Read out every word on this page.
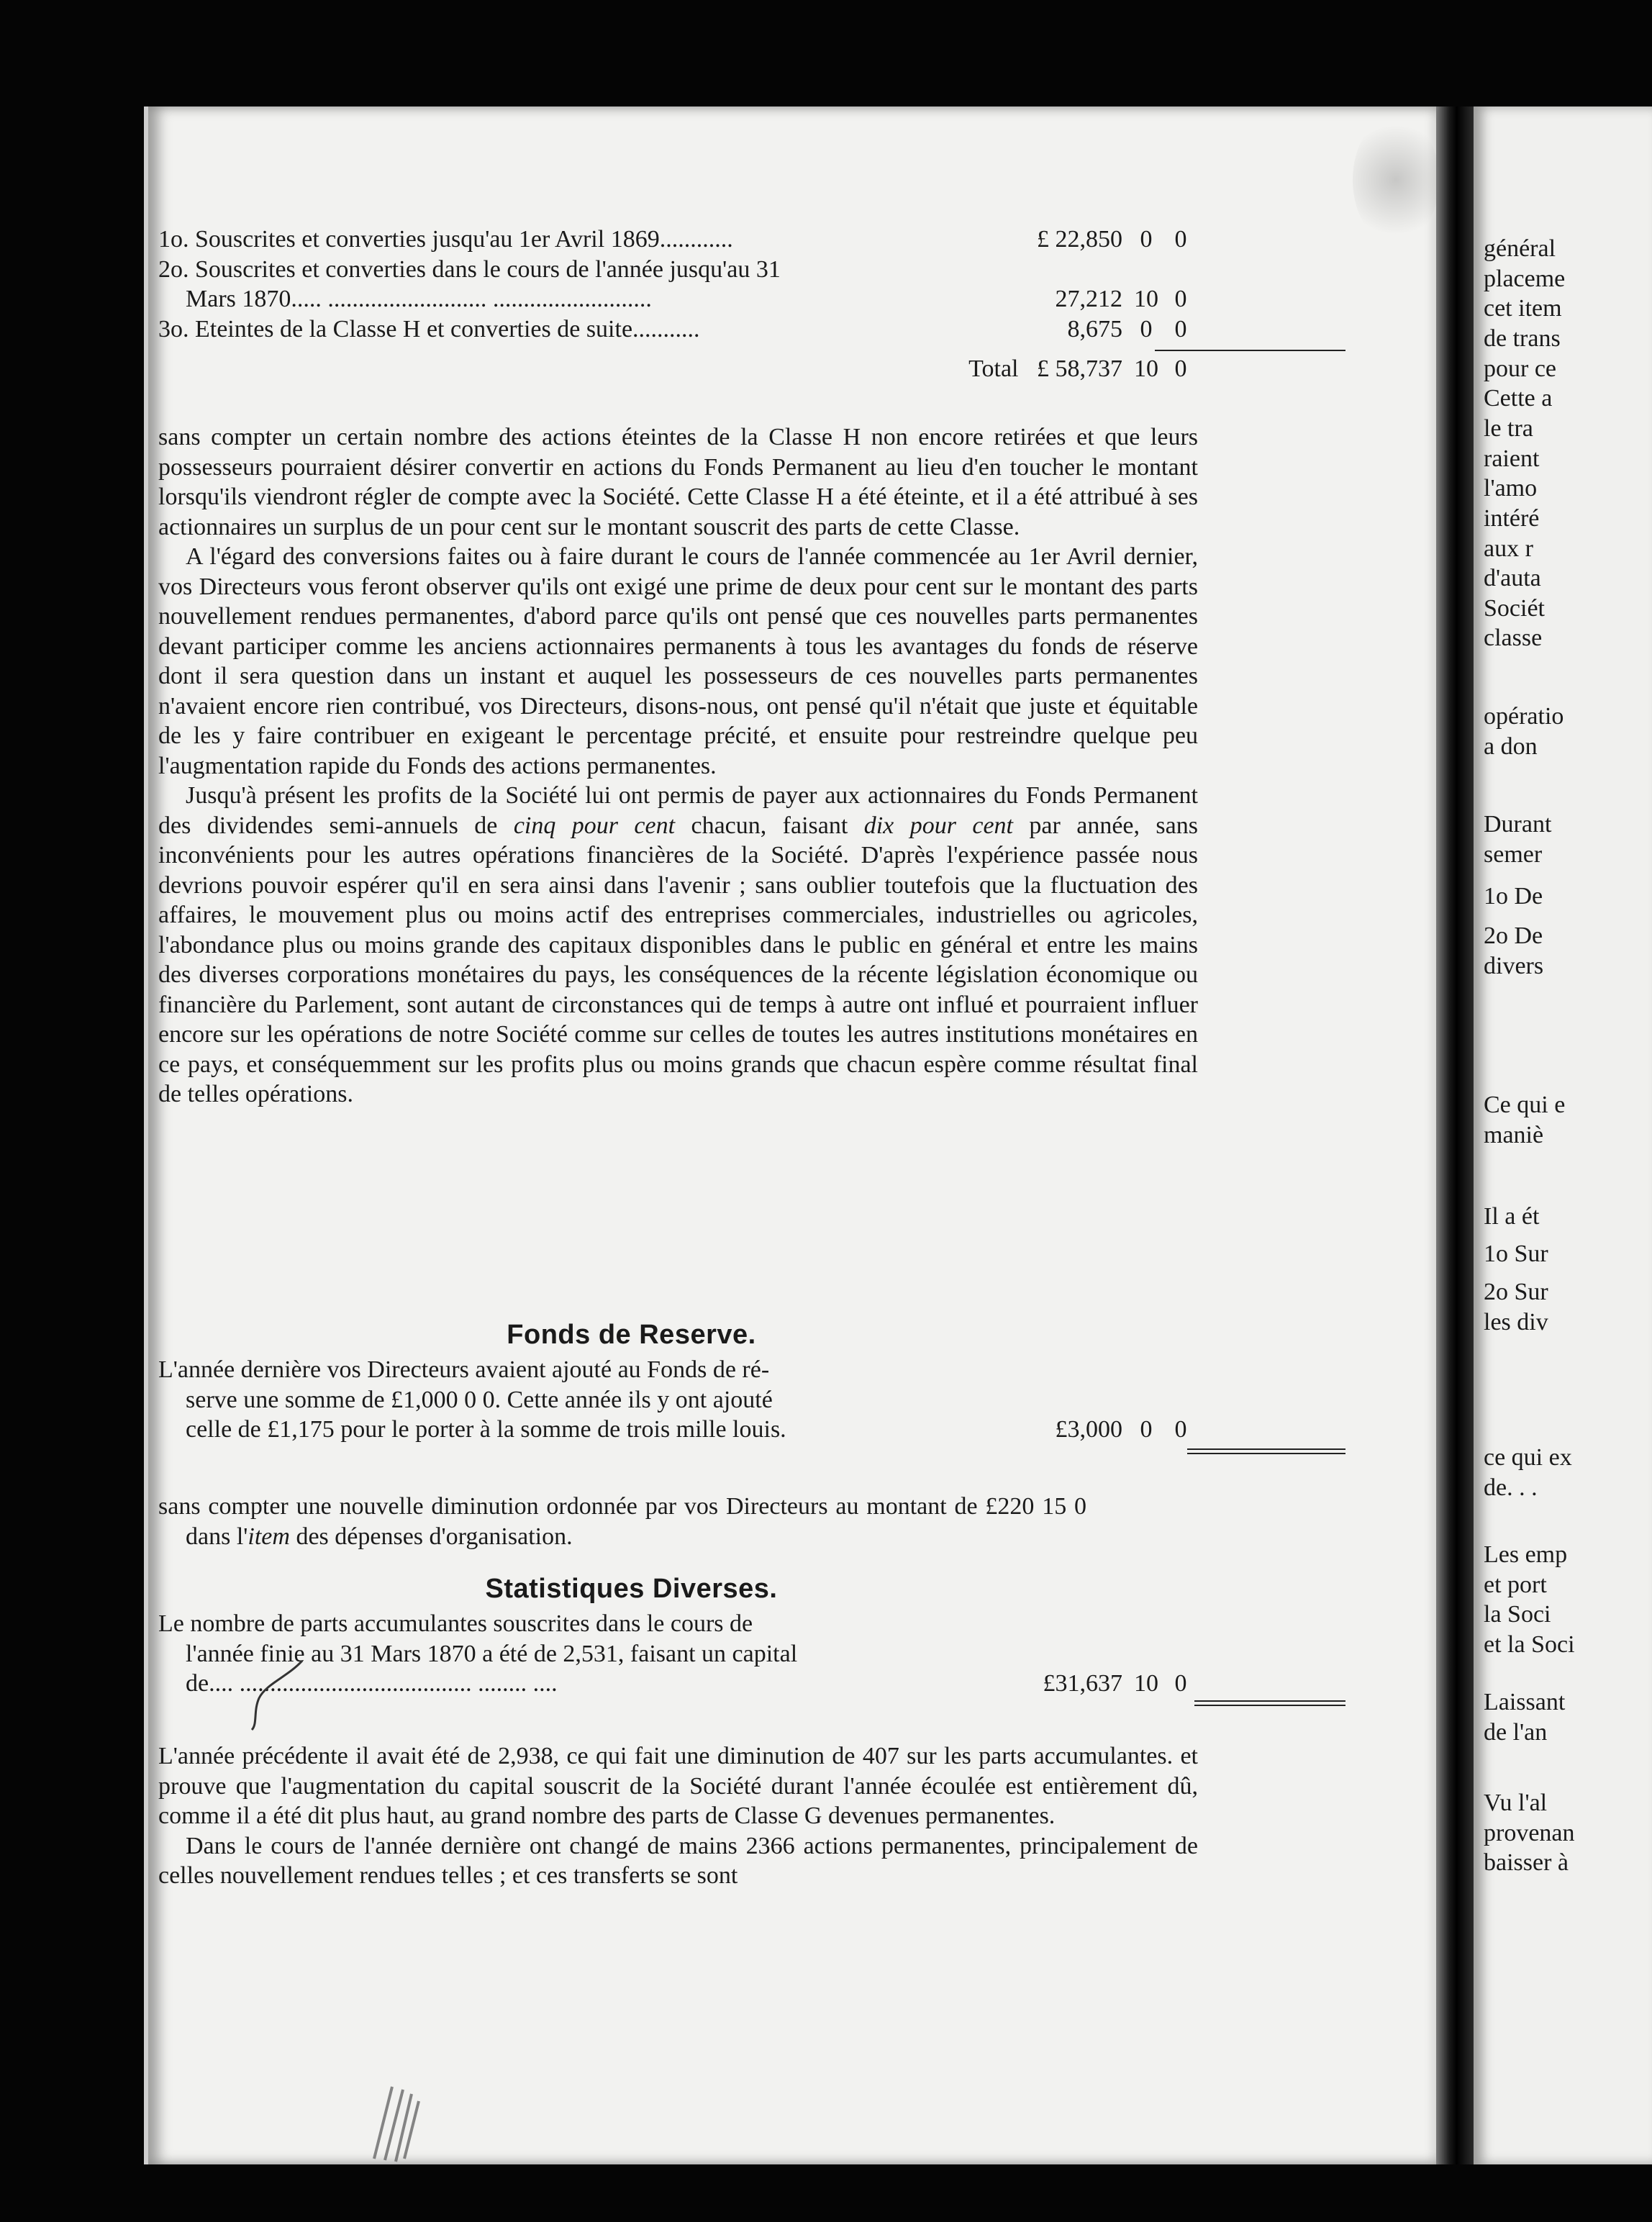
1o. Souscrites et converties jusqu'au 1er Avril 1869............	£ 22,850 0 0
2o. Souscrites et converties dans le cours de l'année jusqu'au 31
Mars 1870..... .......................... ..........................	27,212 10 0
3o. Eteintes de la Classe H et converties de suite...........	8,675 0 0
Total £ 58,737 10 0

sans compter un certain nombre des actions éteintes de la Classe H non encore retirées et que leurs possesseurs pourraient désirer convertir en actions du Fonds Permanent au lieu d'en toucher le montant lorsqu'ils viendront régler de compte avec la Société. Cette Classe H a été éteinte, et il a été attribué à ses actionnaires un surplus de un pour cent sur le montant souscrit des parts de cette Classe.

A l'égard des conversions faites ou à faire durant le cours de l'année commencée au 1er Avril dernier, vos Directeurs vous feront observer qu'ils ont exigé une prime de deux pour cent sur le montant des parts nouvellement rendues permanentes, d'abord parce qu'ils ont pensé que ces nouvelles parts permanentes devant participer comme les anciens actionnaires permanents à tous les avantages du fonds de réserve dont il sera question dans un instant et auquel les possesseurs de ces nouvelles parts permanentes n'avaient encore rien contribué, vos Directeurs, disons-nous, ont pensé qu'il n'était que juste et équitable de les y faire contribuer en exigeant le percentage précité, et ensuite pour restreindre quelque peu l'augmentation rapide du Fonds des actions permanentes.

Jusqu'à présent les profits de la Société lui ont permis de payer aux actionnaires du Fonds Permanent des dividendes semi-annuels de cinq pour cent chacun, faisant dix pour cent par année, sans inconvénients pour les autres opérations financières de la Société. D'après l'expérience passée nous devrions pouvoir espérer qu'il en sera ainsi dans l'avenir ; sans oublier toutefois que la fluctuation des affaires, le mouvement plus ou moins actif des entreprises commerciales, industrielles ou agricoles, l'abondance plus ou moins grande des capitaux disponibles dans le public en général et entre les mains des diverses corporations monétaires du pays, les conséquences de la récente législation économique ou financière du Parlement, sont autant de circonstances qui de temps à autre ont influé et pourraient influer encore sur les opérations de notre Société comme sur celles de toutes les autres institutions monétaires en ce pays, et conséquemment sur les profits plus ou moins grands que chacun espère comme résultat final de telles opérations.

Fonds de Reserve.
L'année dernière vos Directeurs avaient ajouté au Fonds de ré-
serve une somme de £1,000 0 0. Cette année ils y ont ajouté
celle de £1,175 pour le porter à la somme de trois mille louis.	£3,000 0 0

sans compter une nouvelle diminution ordonnée par vos Directeurs au montant de £220 15 0 dans l'item des dépenses d'organisation.

Statistiques Diverses.
Le nombre de parts accumulantes souscrites dans le cours de
l'année finie au 31 Mars 1870 a été de 2,531, faisant un capital
de.... ...................................... ........ ....	£31,637 10 0

L'année précédente il avait été de 2,938, ce qui fait une diminution de 407 sur les parts accumulantes. et prouve que l'augmentation du capital souscrit de la Société durant l'année écoulée est entièrement dû, comme il a été dit plus haut, au grand nombre des parts de Classe G devenues permanentes.

Dans le cours de l'année dernière ont changé de mains 2366 actions permanentes, principalement de celles nouvellement rendues telles ; et ces transferts se sont

général
placeme
cet item
de trans
pour ce
Cette a
le tra
raient
l'amo
intéré
aux r
d'auta
Sociét
classe
opératio
a don
Durant
semer
1o De
2o De
divers
Ce qui e
maniè
Il a ét
1o Sur
2o Sur
les div
ce qui ex
de. . .
Les emp
et port
la Soci
et la Soci
Laissant
de l'an
Vu l'al
provenan
baisser à
